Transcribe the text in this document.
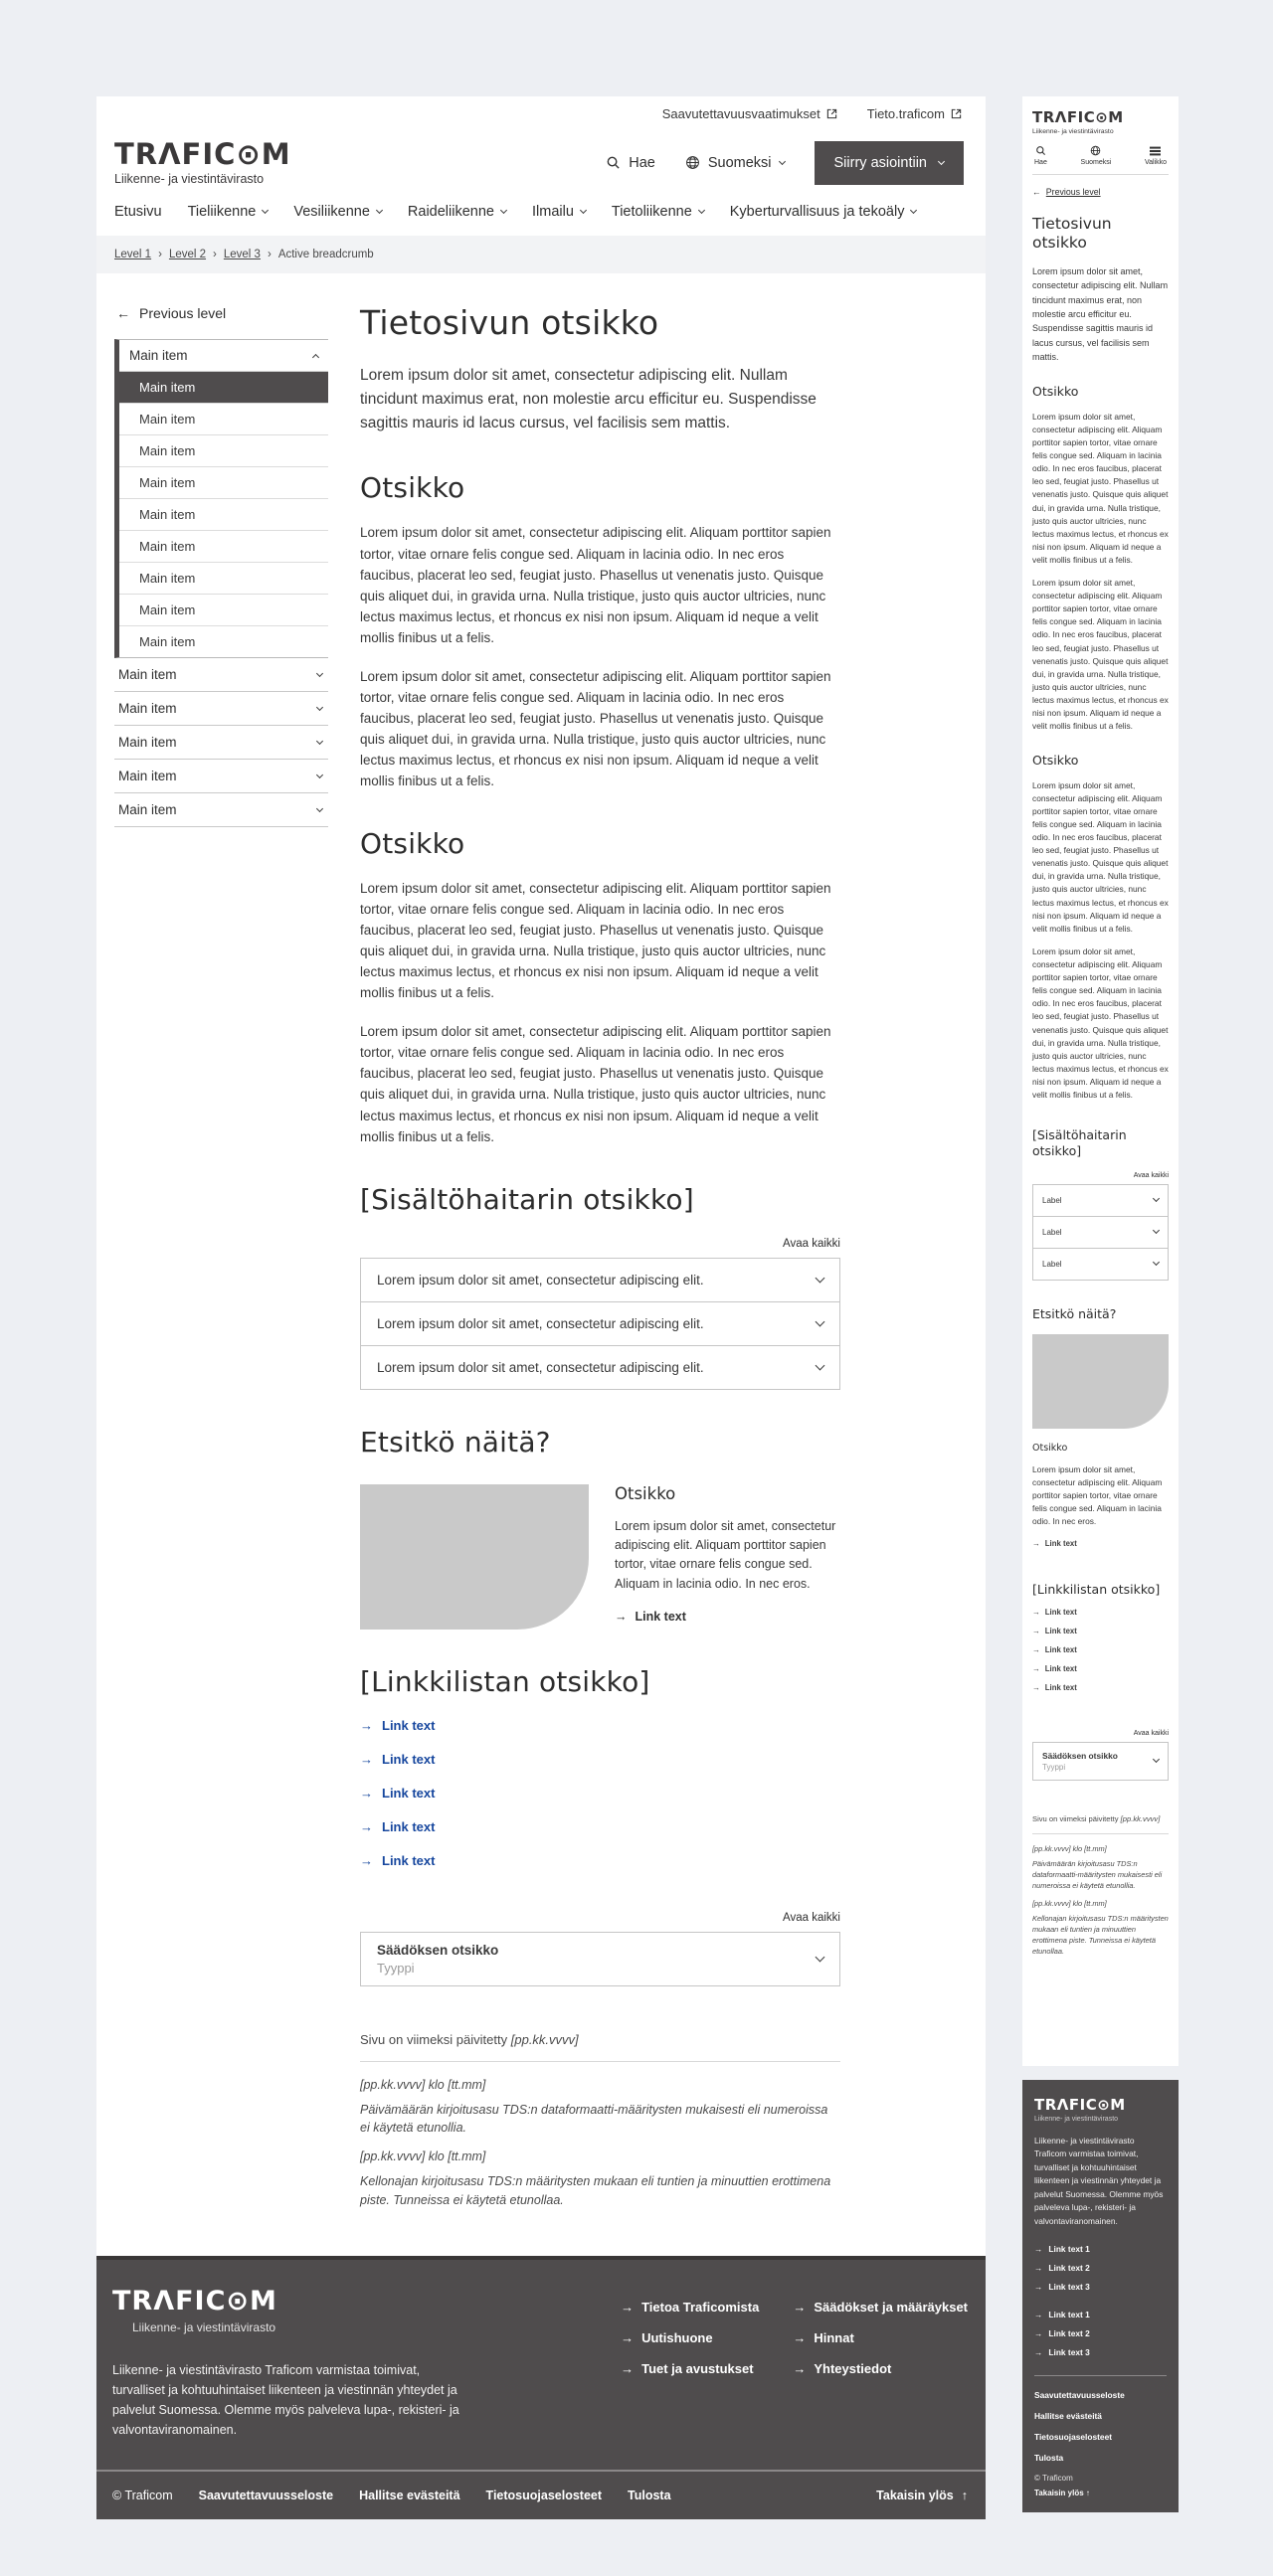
Saavutettavuusvaatimukset	Tieto.traficom
TRΛFIC⊙M
Liikenne- ja viestintävirasto
Hae	Suomeksi	Siirry asiointiin
Etusivu Tieliikenne	Vesiliikenne	Raideliikenne	Ilmailu	Tietoliikenne	Kyberturvallisuus ja tekoäly
Level 1 › Level 2 › Level 3 › Active breadcrumb
← Previous level
Main item
Main item
Main item
Main item
Main item
Main item
Main item
Main item
Main item
Main item
Main item
Main item
Main item
Main item
Main item
Tietosivun otsikko

Lorem ipsum dolor sit amet, consectetur adipiscing elit. Nullam tincidunt maximus erat, non molestie arcu efficitur eu. Suspendisse sagittis mauris id lacus cursus, vel facilisis sem mattis.

Otsikko

Lorem ipsum dolor sit amet, consectetur adipiscing elit. Aliquam porttitor sapien tortor, vitae ornare felis congue sed. Aliquam in lacinia odio. In nec eros faucibus, placerat leo sed, feugiat justo. Phasellus ut venenatis justo. Quisque quis aliquet dui, in gravida urna. Nulla tristique, justo quis auctor ultricies, nunc lectus maximus lectus, et rhoncus ex nisi non ipsum. Aliquam id neque a velit mollis finibus ut a felis.

Lorem ipsum dolor sit amet, consectetur adipiscing elit. Aliquam porttitor sapien tortor, vitae ornare felis congue sed. Aliquam in lacinia odio. In nec eros faucibus, placerat leo sed, feugiat justo. Phasellus ut venenatis justo. Quisque quis aliquet dui, in gravida urna. Nulla tristique, justo quis auctor ultricies, nunc lectus maximus lectus, et rhoncus ex nisi non ipsum. Aliquam id neque a velit mollis finibus ut a felis.

Otsikko

Lorem ipsum dolor sit amet, consectetur adipiscing elit. Aliquam porttitor sapien tortor, vitae ornare felis congue sed. Aliquam in lacinia odio. In nec eros faucibus, placerat leo sed, feugiat justo. Phasellus ut venenatis justo. Quisque quis aliquet dui, in gravida urna. Nulla tristique, justo quis auctor ultricies, nunc lectus maximus lectus, et rhoncus ex nisi non ipsum. Aliquam id neque a velit mollis finibus ut a felis.

Lorem ipsum dolor sit amet, consectetur adipiscing elit. Aliquam porttitor sapien tortor, vitae ornare felis congue sed. Aliquam in lacinia odio. In nec eros faucibus, placerat leo sed, feugiat justo. Phasellus ut venenatis justo. Quisque quis aliquet dui, in gravida urna. Nulla tristique, justo quis auctor ultricies, nunc lectus maximus lectus, et rhoncus ex nisi non ipsum. Aliquam id neque a velit mollis finibus ut a felis.

[Sisältöhaitarin otsikko]
Avaa kaikki
Lorem ipsum dolor sit amet, consectetur adipiscing elit.
Lorem ipsum dolor sit amet, consectetur adipiscing elit.
Lorem ipsum dolor sit amet, consectetur adipiscing elit.
Etsitkö näitä?
Otsikko

Lorem ipsum dolor sit amet, consectetur adipiscing elit. Aliquam porttitor sapien tortor, vitae ornare felis congue sed. Aliquam in lacinia odio. In nec eros.

→ Link text
[Linkkilistan otsikko]
→ Link text
→ Link text
→ Link text
→ Link text
→ Link text
Avaa kaikki
Säädöksen otsikko
Tyyppi
Sivu on viimeksi päivitetty [pp.kk.vvvv]
[pp.kk.vvvv] klo [tt.mm]
Päivämäärän kirjoitusasu TDS:n dataformaatti-määritysten mukaisesti eli numeroissa ei käytetä etunollia.
[pp.kk.vvvv] klo [tt.mm]
Kellonajan kirjoitusasu TDS:n määritysten mukaan eli tuntien ja minuuttien erottimena piste. Tunneissa ei käytetä etunollaa.
TRΛFIC⊙M
Liikenne- ja viestintävirasto

Liikenne- ja viestintävirasto Traficom varmistaa toimivat, turvalliset ja kohtuuhintaiset liikenteen ja viestinnän yhteydet ja palvelut Suomessa. Olemme myös palveleva lupa-, rekisteri- ja valvontaviranomainen.

→ Tietoa Traficomista
→ Uutishuone
→ Tuet ja avustukset
→ Säädökset ja määräykset
→ Hinnat
→ Yhteystiedot
© Traficom Saavutettavuusseloste Hallitse evästeitä Tietosuojaselosteet Tulosta	Takaisin ylös ↑
TRΛFIC⊙M
Liikenne- ja viestintävirasto
Hae	Suomeksi	Valikko
← Previous level
Tietosivun otsikko

Lorem ipsum dolor sit amet, consectetur adipiscing elit. Nullam tincidunt maximus erat, non molestie arcu efficitur eu. Suspendisse sagittis mauris id lacus cursus, vel facilisis sem mattis.

Otsikko

Lorem ipsum dolor sit amet, consectetur adipiscing elit. Aliquam porttitor sapien tortor, vitae ornare felis congue sed. Aliquam in lacinia odio. In nec eros faucibus, placerat leo sed, feugiat justo. Phasellus ut venenatis justo. Quisque quis aliquet dui, in gravida urna. Nulla tristique, justo quis auctor ultricies, nunc lectus maximus lectus, et rhoncus ex nisi non ipsum. Aliquam id neque a velit mollis finibus ut a felis.

Lorem ipsum dolor sit amet, consectetur adipiscing elit. Aliquam porttitor sapien tortor, vitae ornare felis congue sed. Aliquam in lacinia odio. In nec eros faucibus, placerat leo sed, feugiat justo. Phasellus ut venenatis justo. Quisque quis aliquet dui, in gravida urna. Nulla tristique, justo quis auctor ultricies, nunc lectus maximus lectus, et rhoncus ex nisi non ipsum. Aliquam id neque a velit mollis finibus ut a felis.

Otsikko

Lorem ipsum dolor sit amet, consectetur adipiscing elit. Aliquam porttitor sapien tortor, vitae ornare felis congue sed. Aliquam in lacinia odio. In nec eros faucibus, placerat leo sed, feugiat justo. Phasellus ut venenatis justo. Quisque quis aliquet dui, in gravida urna. Nulla tristique, justo quis auctor ultricies, nunc lectus maximus lectus, et rhoncus ex nisi non ipsum. Aliquam id neque a velit mollis finibus ut a felis.

Lorem ipsum dolor sit amet, consectetur adipiscing elit. Aliquam porttitor sapien tortor, vitae ornare felis congue sed. Aliquam in lacinia odio. In nec eros faucibus, placerat leo sed, feugiat justo. Phasellus ut venenatis justo. Quisque quis aliquet dui, in gravida urna. Nulla tristique, justo quis auctor ultricies, nunc lectus maximus lectus, et rhoncus ex nisi non ipsum. Aliquam id neque a velit mollis finibus ut a felis.

[Sisältöhaitarin otsikko]
Avaa kaikki
Label
Label
Label
Etsitkö näitä?
Otsikko

Lorem ipsum dolor sit amet, consectetur adipiscing elit. Aliquam porttitor sapien tortor, vitae ornare felis congue sed. Aliquam in lacinia odio. In nec eros.

→ Link text
[Linkkilistan otsikko]
→ Link text
→ Link text
→ Link text
→ Link text
→ Link text
Avaa kaikki
Säädöksen otsikko
Tyyppi
Sivu on viimeksi päivitetty [pp.kk.vvvv]
[pp.kk.vvvv] klo [tt.mm]
Päivämäärän kirjoitusasu TDS:n dataformaatti-määritysten mukaisesti eli numeroissa ei käytetä etunollia.
[pp.kk.vvvv] klo [tt.mm]
Kellonajan kirjoitusasu TDS:n määritysten mukaan eli tuntien ja minuuttien erottimena piste. Tunneissa ei käytetä etunollaa.
TRΛFIC⊙M
Liikenne- ja viestintävirasto

Liikenne- ja viestintävirasto Traficom varmistaa toimivat, turvalliset ja kohtuuhintaiset liikenteen ja viestinnän yhteydet ja palvelut Suomessa. Olemme myös palveleva lupa-, rekisteri- ja valvontaviranomainen.

→ Link text 1
→ Link text 2
→ Link text 3
→ Link text 1
→ Link text 2
→ Link text 3
Saavutettavuusseloste
Hallitse evästeitä
Tietosuojaselosteet
Tulosta
© Traficom
Takaisin ylös ↑
